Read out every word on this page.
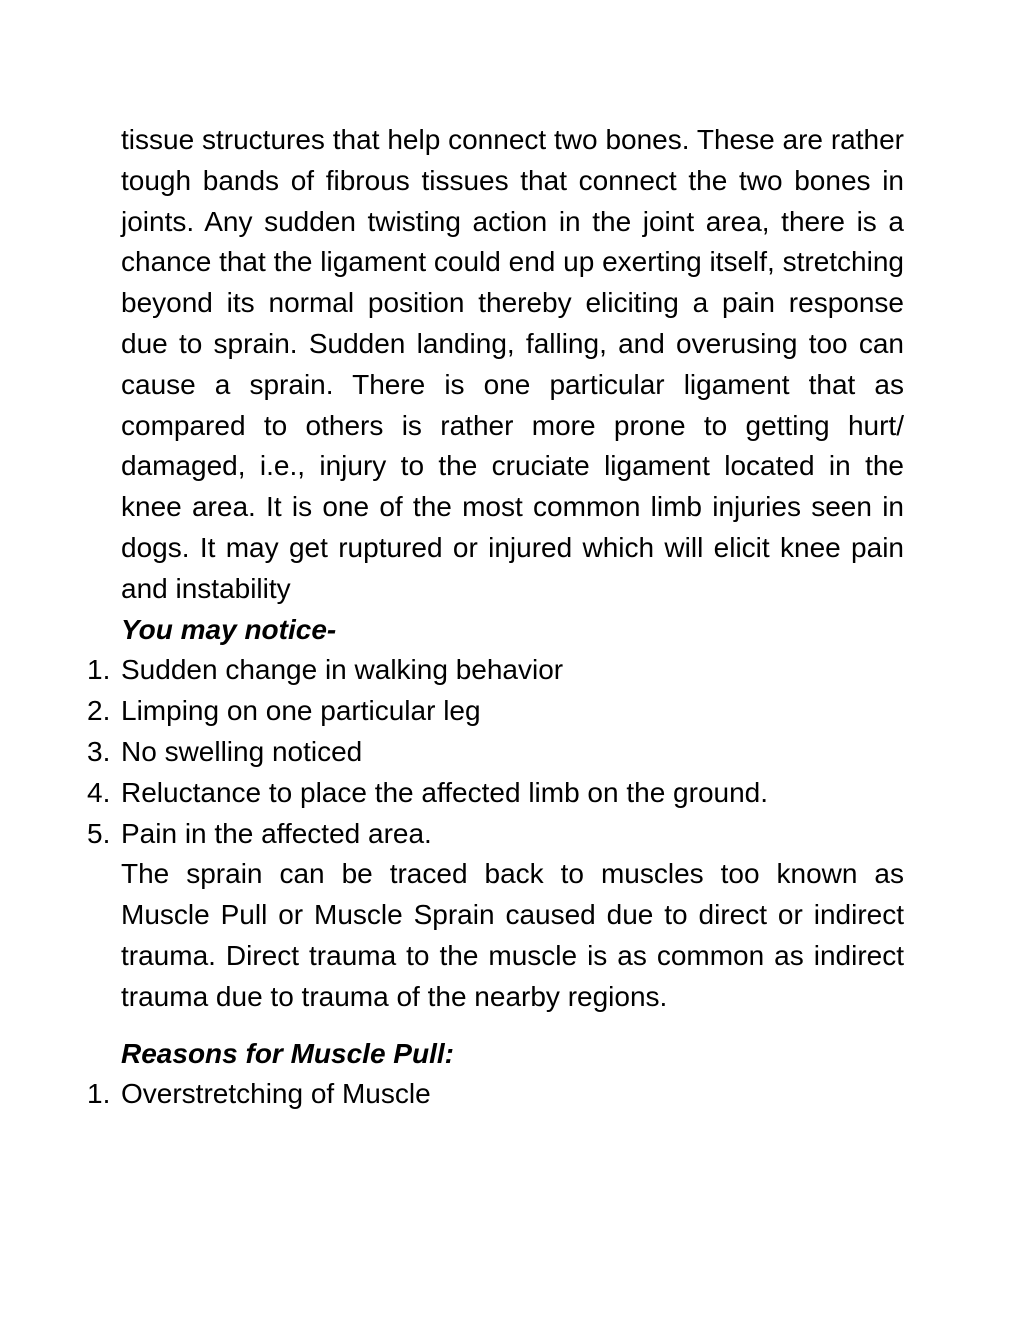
tissue structures that help connect two bones. These are rather tough bands of fibrous tissues that connect the two bones in joints. Any sudden twisting action in the joint area, there is a chance that the ligament could end up exerting itself, stretching beyond its normal position thereby eliciting a pain response due to sprain. Sudden landing, falling, and overusing too can cause a sprain. There is one particular ligament that as compared to others is rather more prone to getting hurt/ damaged, i.e., injury to the cruciate ligament located in the knee area. It is one of the most common limb injuries seen in dogs. It may get ruptured or injured which will elicit knee pain and instability

You may notice-

1. Sudden change in walking behavior
2. Limping on one particular leg
3. No swelling noticed
4. Reluctance to place the affected limb on the ground.
5. Pain in the affected area.

The sprain can be traced back to muscles too known as Muscle Pull or Muscle Sprain caused due to direct or indirect trauma. Direct trauma to the muscle is as common as indirect trauma due to trauma of the nearby regions.

Reasons for Muscle Pull:

1. Overstretching of Muscle
